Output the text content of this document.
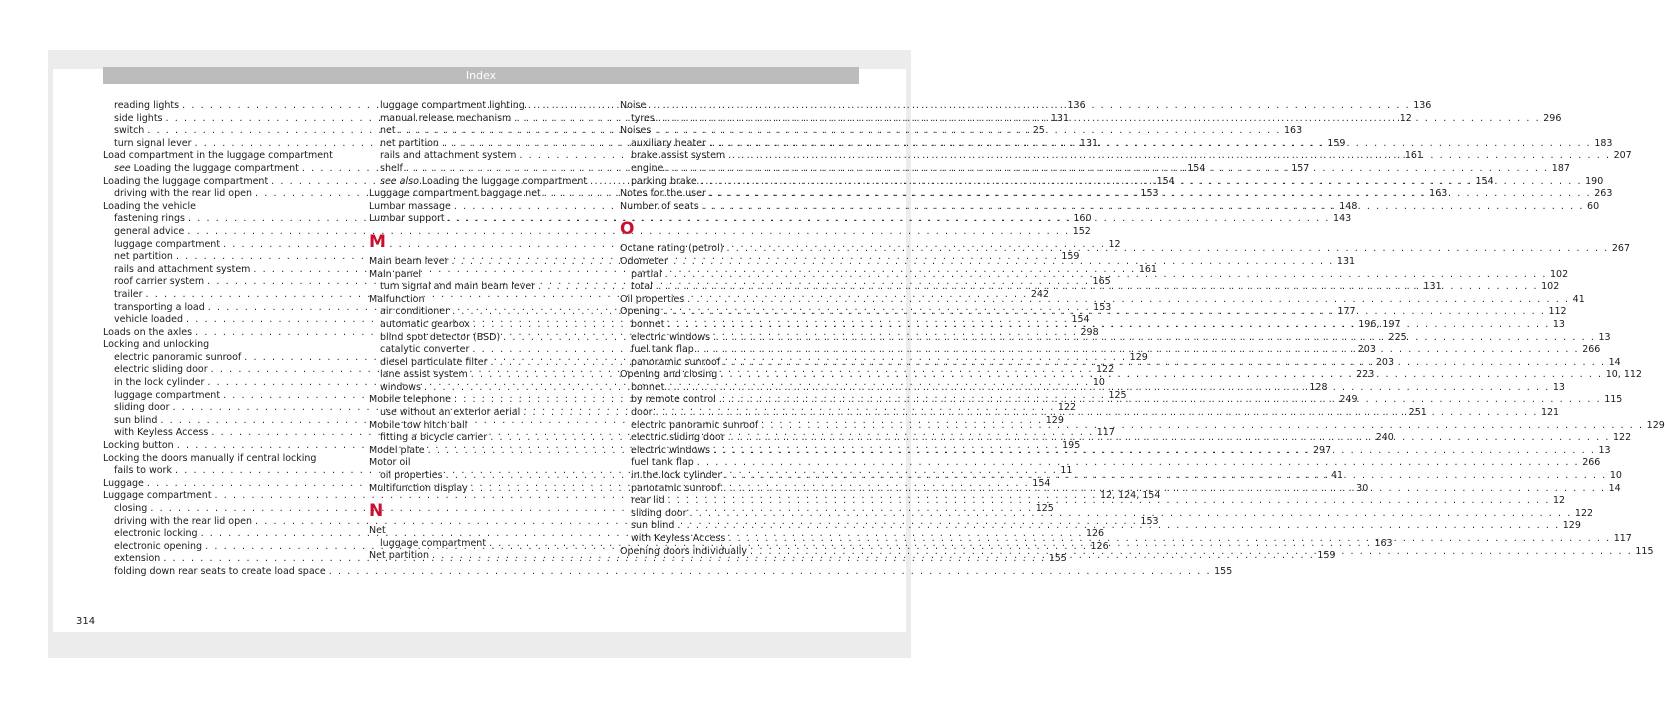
Index
reading lights . . .	136
side lights . . .	131
switch . . .	25
turn signal lever . . .	131
Load compartment in the luggage compartment
see Loading the luggage compartment . . .	154
Loading the luggage compartment . . .	154
driving with the rear lid open . . .	153
Loading the vehicle
fastening rings . . .	160
general advice . . .	152
luggage compartment . . .	12
net partition . . .	159
rails and attachment system . . .	161
roof carrier system . . .	165
trailer . . .	242
transporting a load . . .	153
vehicle loaded . . .	154
Loads on the axles . . .	298
Locking and unlocking
electric panoramic sunroof . . .	129
electric sliding door . . .	122
in the lock cylinder . . .	10
luggage compartment . . .	125
sliding door . . .	122
sun blind . . .	129
with Keyless Access . . .	117
Locking button . . .	195
Locking the doors manually if central locking
fails to work . . .	11
Luggage . . .	154
Luggage compartment . . .	12, 124, 154
closing . . .	125
driving with the rear lid open . . .	153
electronic locking . . .	126
electronic opening . . .	126
extension . . .	155
folding down rear seats to create load space . . .	155
luggage compartment lighting . . .	136
manual release mechanism . . .	12
net . . .	163
net partition . . .	159
rails and attachment system . . .	161
shelf . . .	157
see also Loading the luggage compartment . . .	154
Luggage compartment baggage net . . .	163
Lumbar massage . . .	148
Lumbar support . . .	143
M
Main beam lever . . .	131
Main panel
turn signal and main beam lever . . .	131
Malfunction
air conditioner . . .	177
automatic gearbox . . .	196, 197
blind spot detector (BSD) . . .	225
catalytic converter . . .	203
diesel particulate filter . . .	203
lane assist system . . .	223
windows . . .	128
Mobile telephone . . .	249
use without an exterior aerial . . .	251
Mobile tow hitch ball
fitting a bicycle carrier . . .	240
Model plate . . .	297
Motor oil
oil properties . . .	41
Multifunction display . . .	30
N
Net
luggage compartment . . .	163
Net partition . . .	159
Noise
tyres . . .	296
Noises
auxiliary heater . . .	183
brake assist system . . .	207
engine . . .	187
parking brake . . .	190
Notes for the user . . .	263
Number of seats . . .	60
O
Octane rating (petrol) . . .	267
Odometer
partial . . .	102
total . . .	102
Oil properties . . .	41
Opening . . .	112
bonnet . . .	13
electric windows . . .	13
fuel tank flap . . .	266
panoramic sunroof . . .	14
Opening and closing . . .	10, 112
bonnet . . .	13
by remote control . . .	115
door . . .	121
electric panoramic sunroof . . .	129
electric sliding door . . .	122
electric windows . . .	13
fuel tank flap . . .	266
in the lock cylinder . . .	10
panoramic sunroof . . .	14
rear lid . . .	12
sliding door . . .	122
sun blind . . .	129
with Keyless Access . . .	117
Opening doors individually . . .	115
314
